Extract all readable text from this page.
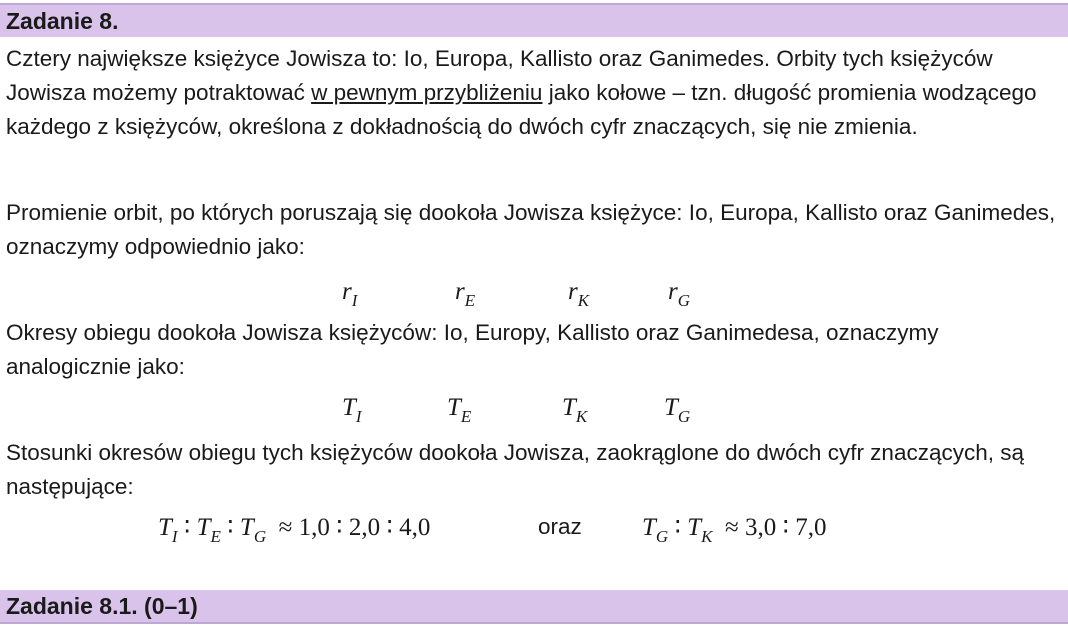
Zadanie 8.

Cztery największe księżyce Jowisza to: Io, Europa, Kallisto oraz Ganimedes. Orbity tych księżyców Jowisza możemy potraktować w pewnym przybliżeniu jako kołowe – tzn. długość promienia wodzącego każdego z księżyców, określona z dokładnością do dwóch cyfr znaczących, się nie zmienia.

Promienie orbit, po których poruszają się dookoła Jowisza księżyce: Io, Europa, Kallisto oraz Ganimedes, oznaczymy odpowiednio jako:

$r_I$	$r_E$	$r_K$	$r_G$

Okresy obiegu dookoła Jowisza księżyców: Io, Europy, Kallisto oraz Ganimedesa, oznaczymy analogicznie jako:

$T_I$	$T_E$	$T_K$	$T_G$

Stosunki okresów obiegu tych księżyców dookoła Jowisza, zaokrąglone do dwóch cyfr znaczących, są następujące:

$T_I$ ∶ $T_E$ ∶ $T_G \approx 1,0$ ∶ 2,0 ∶ 4,0	oraz $T_G$ ∶ $T_K \approx 3,0$ ∶ 7,0
Zadanie 8.1. (0–1)
